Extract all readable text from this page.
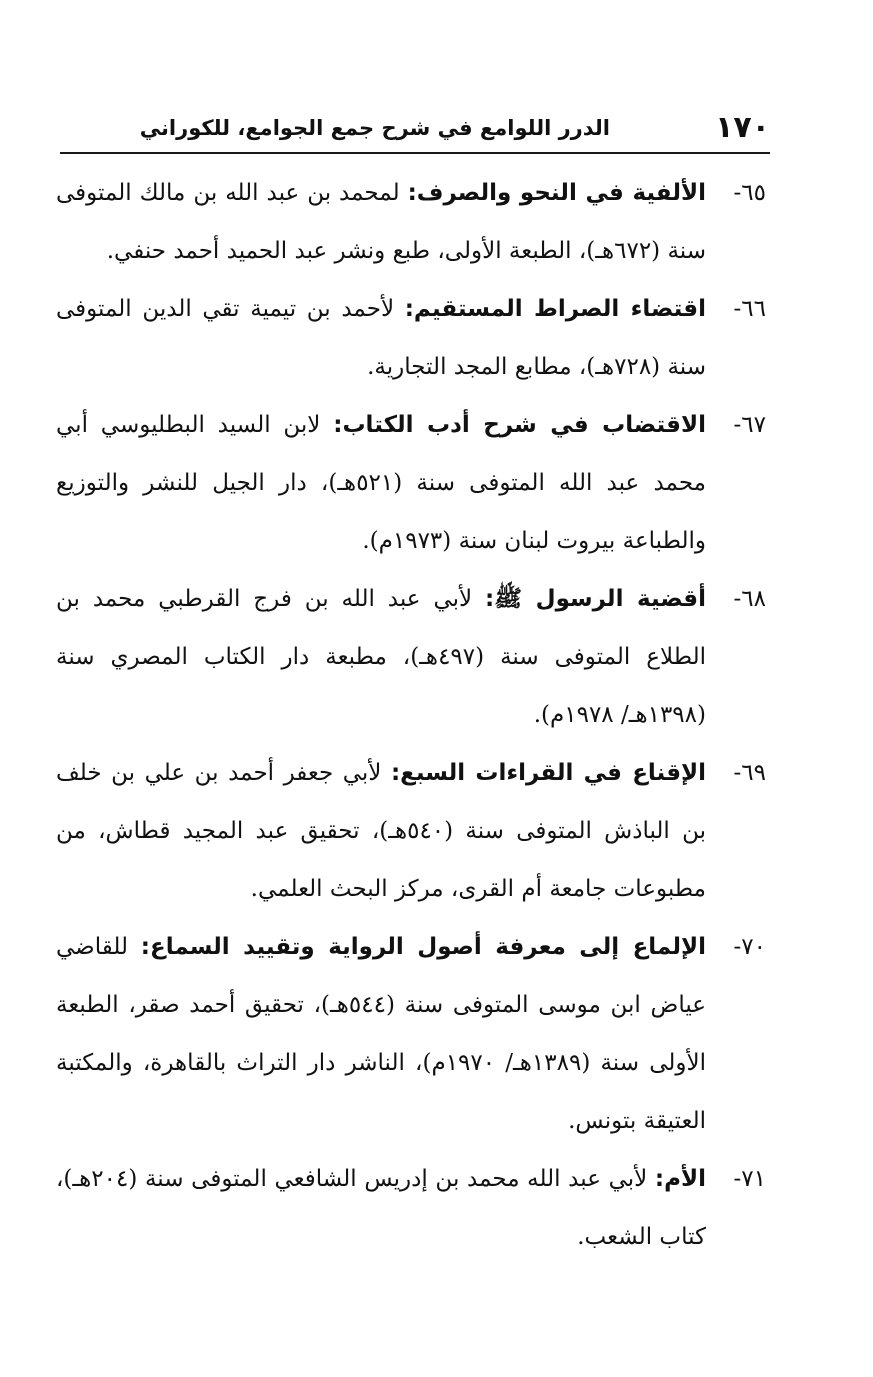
١٧٠
الدرر اللوامع في شرح جمع الجوامع، للكوراني
٦٥-
الألفية في النحو والصرف: لمحمد بن عبد الله بن مالك المتوفى سنة (٦٧٢هـ)، الطبعة الأولى، طبع ونشر عبد الحميد أحمد حنفي.
٦٦-
اقتضاء الصراط المستقيم: لأحمد بن تيمية تقي الدين المتوفى سنة (٧٢٨هـ)، مطابع المجد التجارية.
٦٧-
الاقتضاب في شرح أدب الكتاب: لابن السيد البطليوسي أبي محمد عبد الله المتوفى سنة (٥٢١هـ)، دار الجيل للنشر والتوزيع والطباعة بيروت لبنان سنة (١٩٧٣م).
٦٨-
أقضية الرسول ﷺ: لأبي عبد الله بن فرج القرطبي محمد بن الطلاع المتوفى سنة (٤٩٧هـ)، مطبعة دار الكتاب المصري سنة (١٣٩٨هـ/ ١٩٧٨م).
٦٩-
الإقناع في القراءات السبع: لأبي جعفر أحمد بن علي بن خلف بن الباذش المتوفى سنة (٥٤٠هـ)، تحقيق عبد المجيد قطاش، من مطبوعات جامعة أم القرى، مركز البحث العلمي.
٧٠-
الإلماع إلى معرفة أصول الرواية وتقييد السماع: للقاضي عياض ابن موسى المتوفى سنة (٥٤٤هـ)، تحقيق أحمد صقر، الطبعة الأولى سنة (١٣٨٩هـ/ ١٩٧٠م)، الناشر دار التراث بالقاهرة، والمكتبة العتيقة بتونس.
٧١-
الأم: لأبي عبد الله محمد بن إدريس الشافعي المتوفى سنة (٢٠٤هـ)، كتاب الشعب.
